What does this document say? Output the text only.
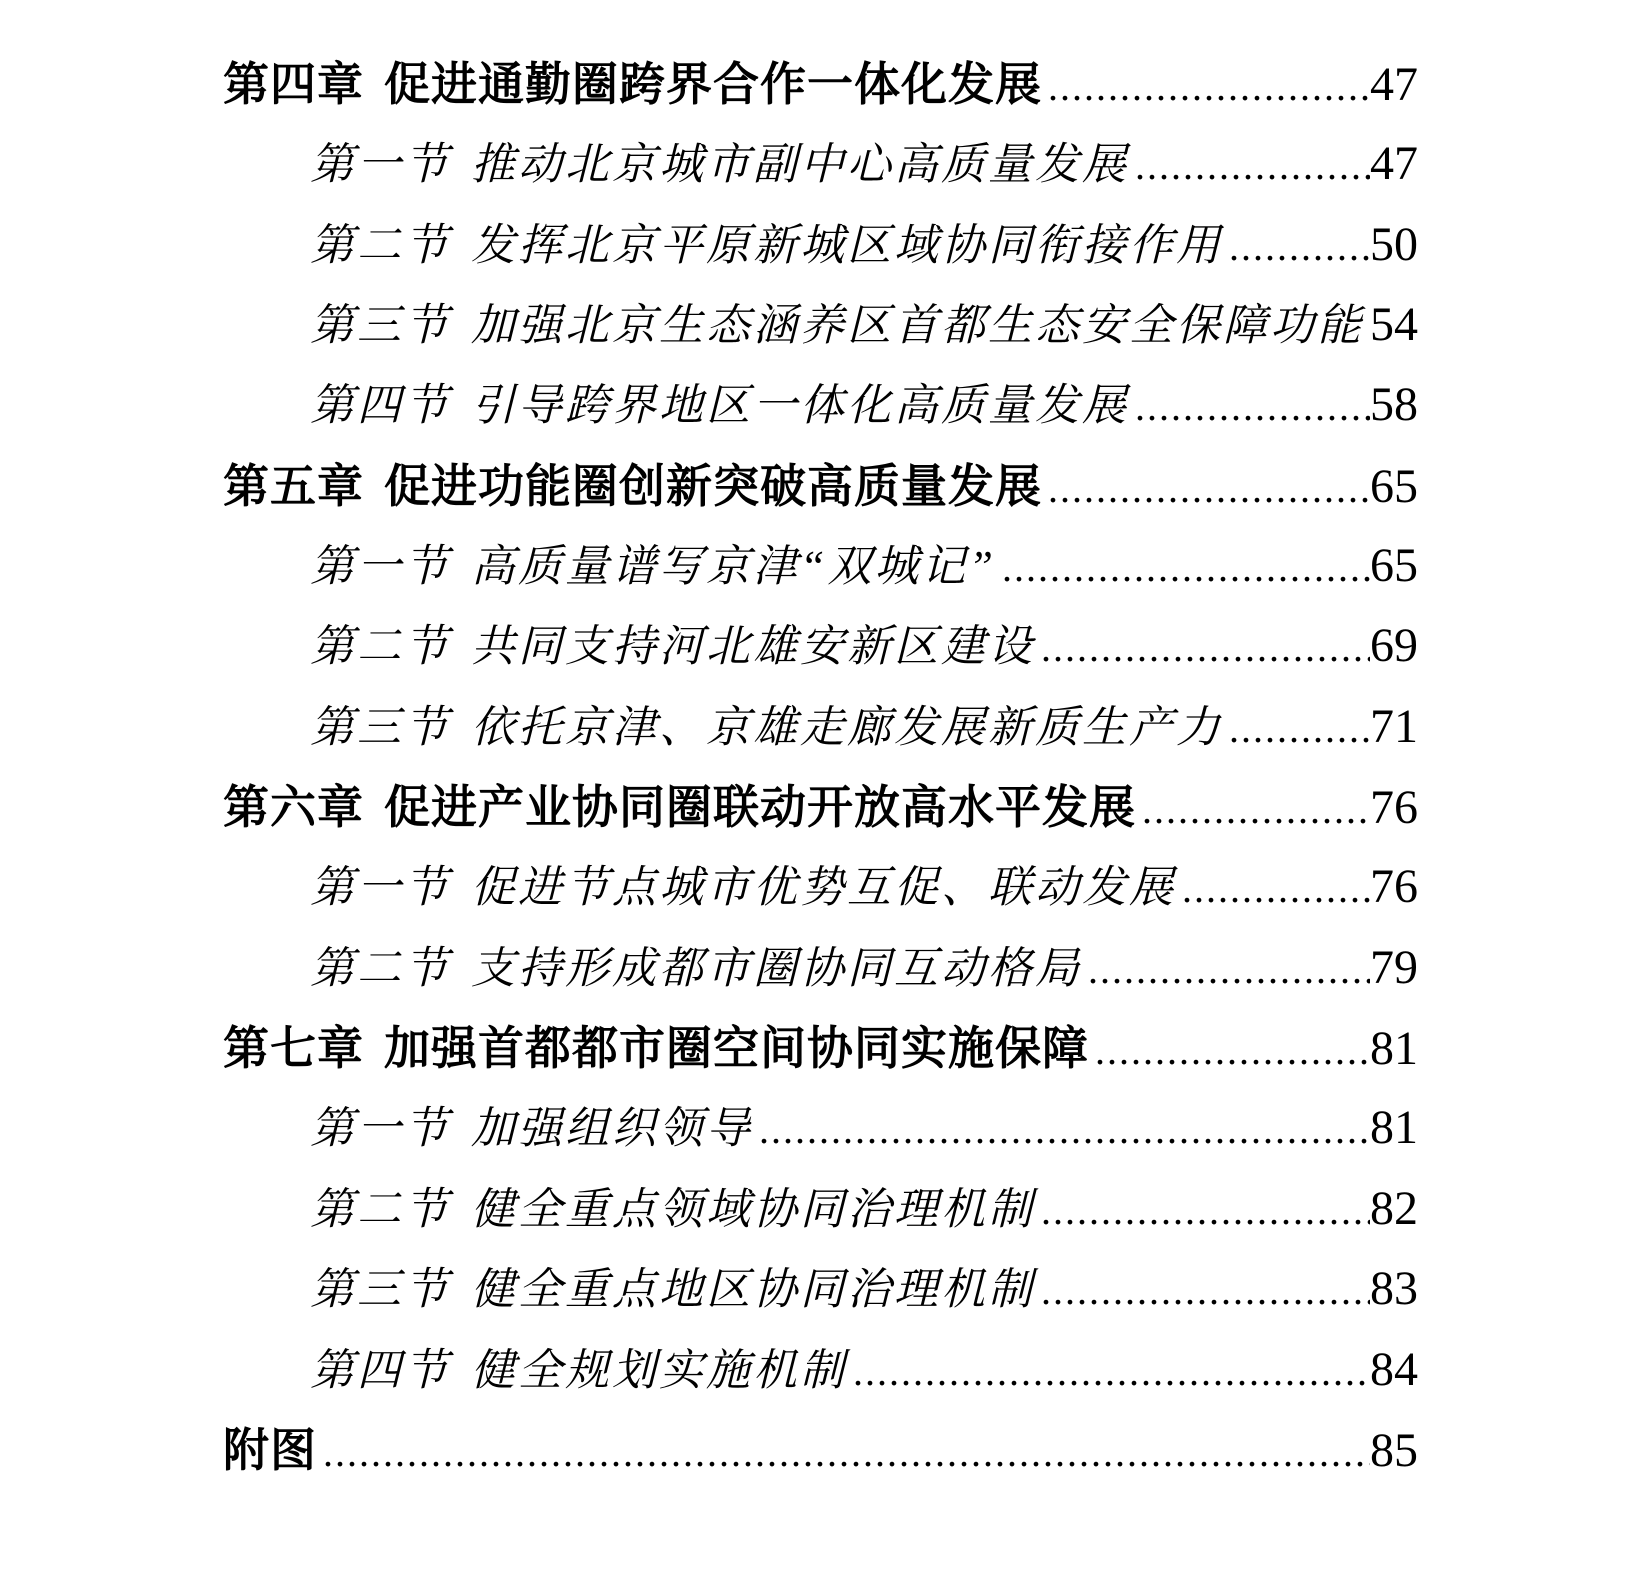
第四章 促进通勤圈跨界合作一体化发展 .....	47
第一节 推动北京城市副中心高质量发展 .....	47
第二节 发挥北京平原新城区域协同衔接作用 .....	50
第三节 加强北京生态涵养区首都生态安全保障功能 ..... 54
第四节 引导跨界地区一体化高质量发展 .....	58
第五章 促进功能圈创新突破高质量发展 .....	65
第一节 高质量谱写京津“双城记” .....	65
第二节 共同支持河北雄安新区建设 .....	69
第三节 依托京津、京雄走廊发展新质生产力 .....	71
第六章 促进产业协同圈联动开放高水平发展 .....	76
第一节 促进节点城市优势互促、联动发展 .....	76
第二节 支持形成都市圈协同互动格局 .....	79
第七章 加强首都都市圈空间协同实施保障 .....	81
第一节 加强组织领导 .....	81
第二节 健全重点领域协同治理机制 .....	82
第三节 健全重点地区协同治理机制 .....	83
第四节 健全规划实施机制 .....	84
附图 .....	85
